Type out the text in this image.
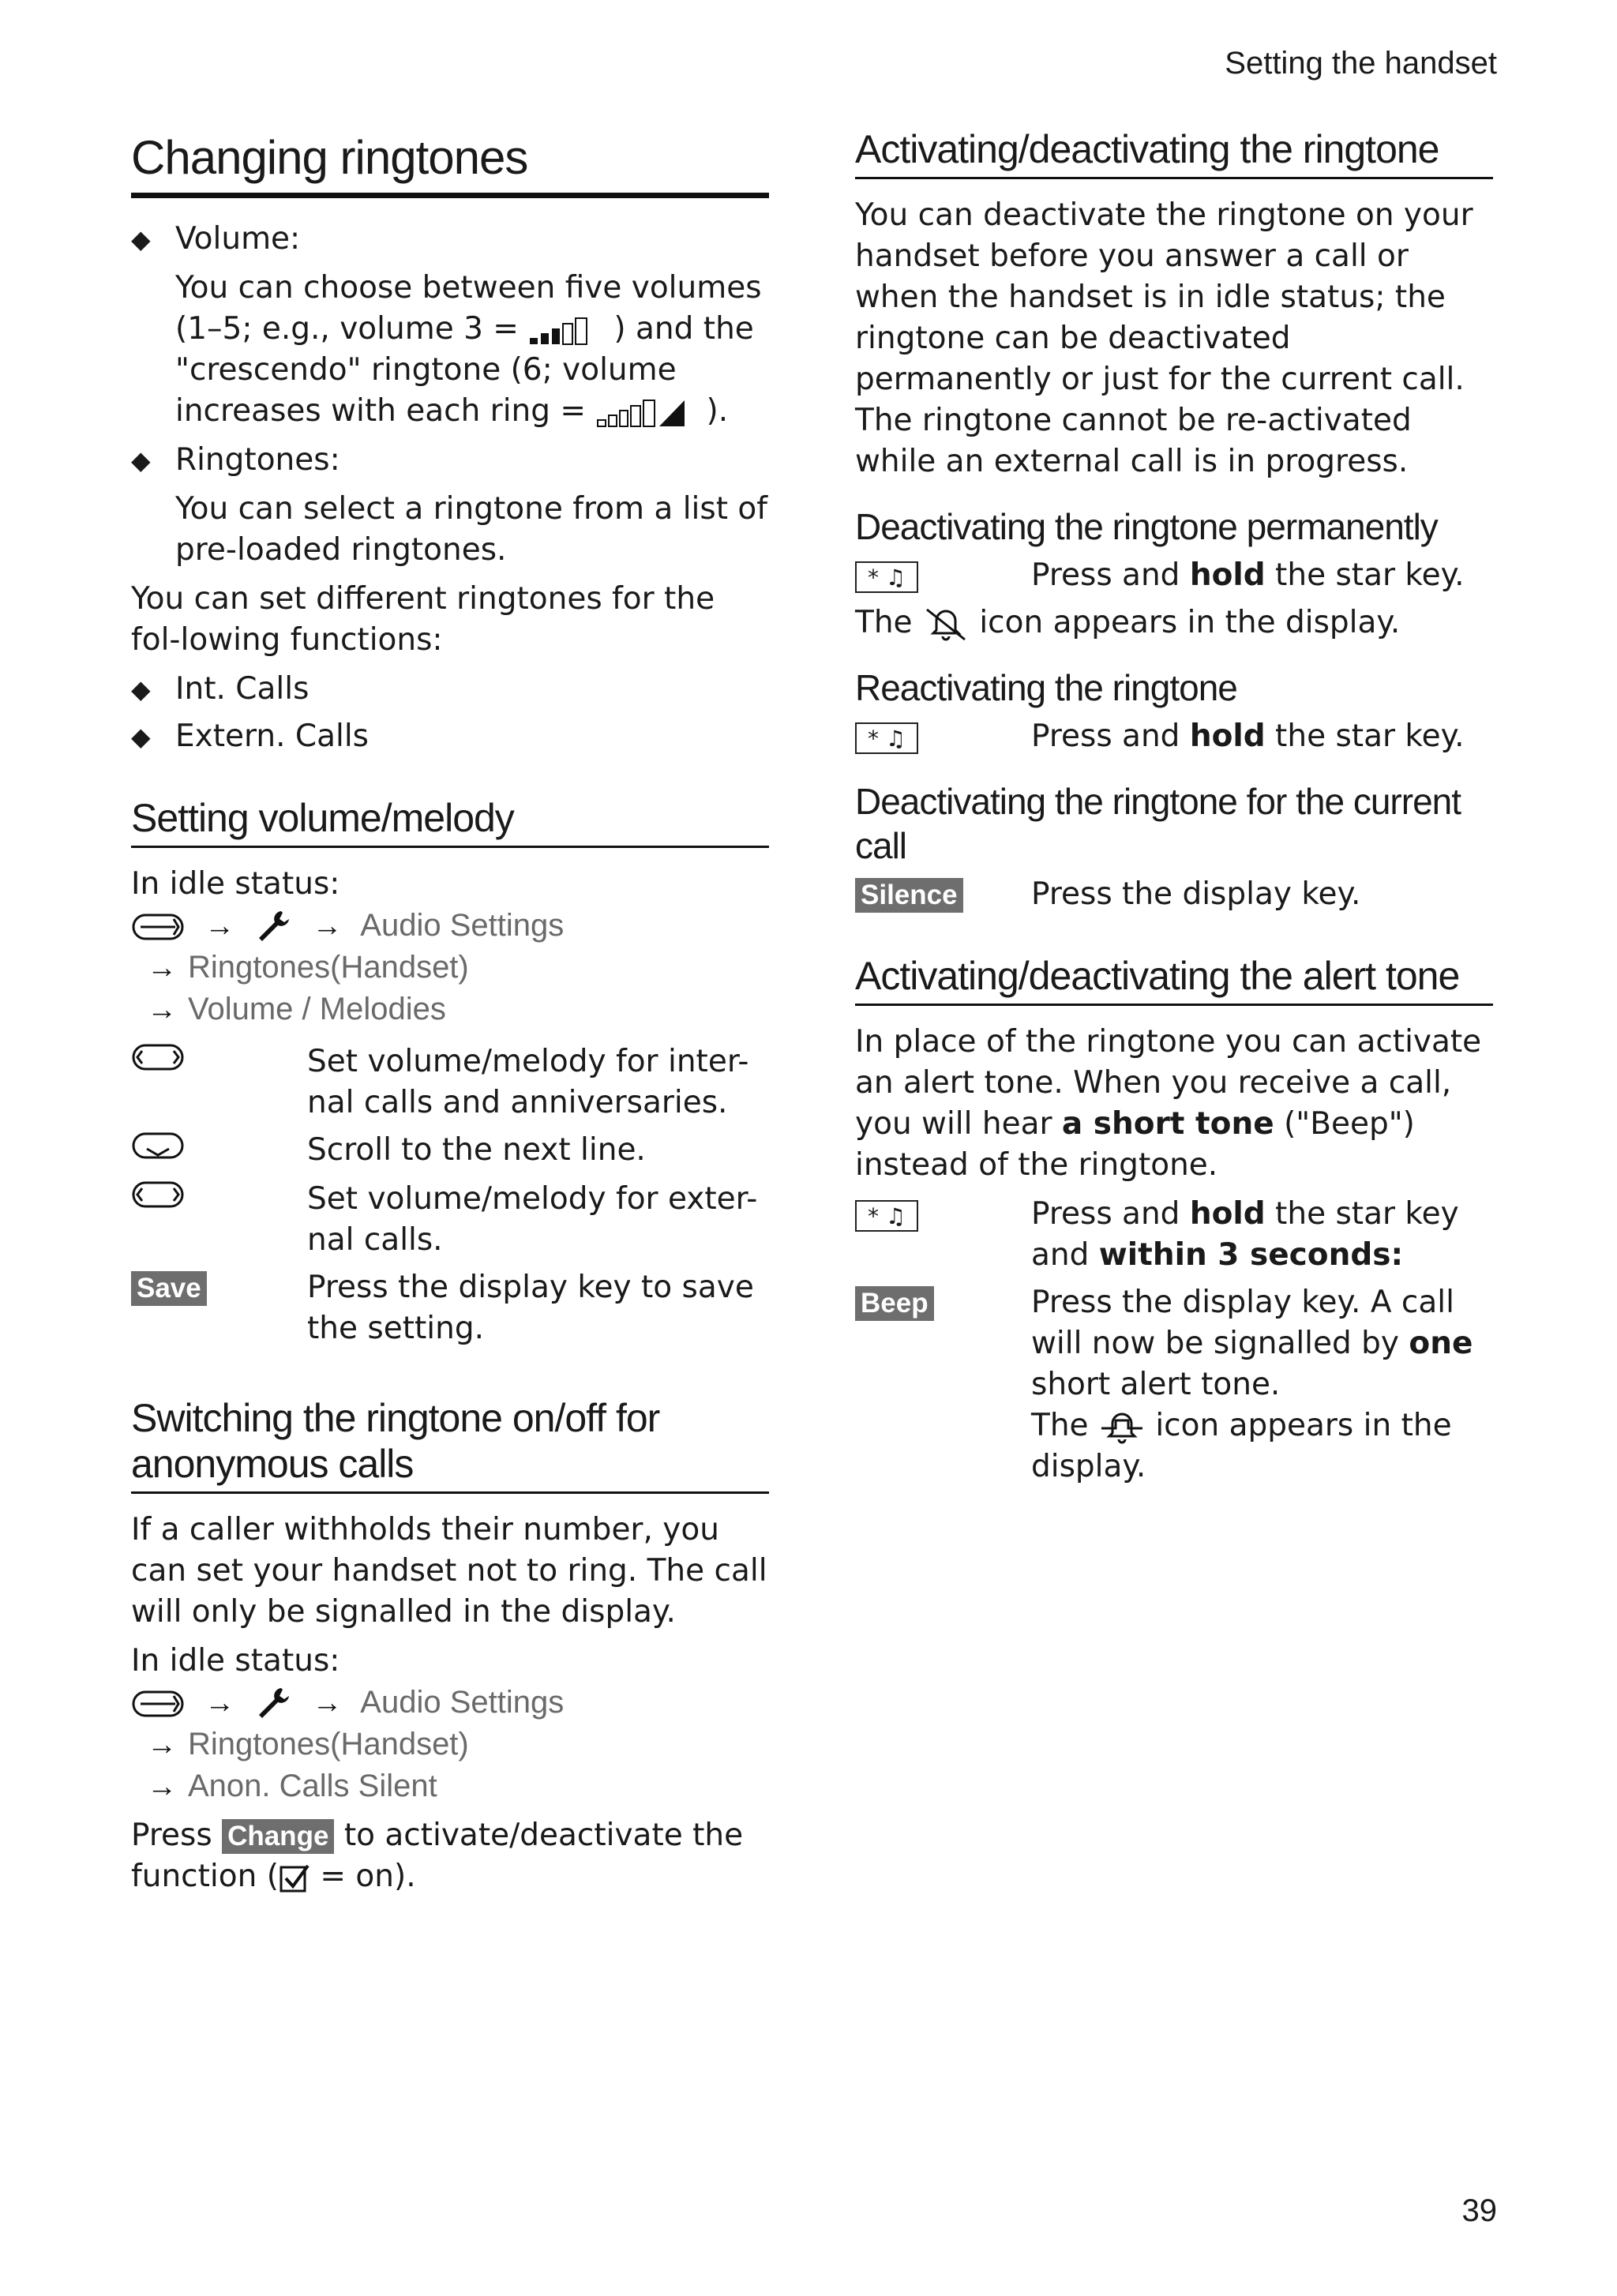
Setting the handset
Changing ringtones
◆ Volume:
You can choose between five volumes (1–5; e.g., volume 3 =	) and the "crescendo" ringtone (6; volume increases with each ring =	).
◆ Ringtones:
You can select a ringtone from a list of pre-loaded ringtones.
You can set different ringtones for the fol-lowing functions:
◆ Int. Calls
◆ Extern. Calls
Setting volume/melody
In idle status:
→	→ Audio Settings
→ Ringtones(Handset)
→ Volume / Melodies
Set volume/melody for inter-nal calls and anniversaries.
Scroll to the next line.
Set volume/melody for exter-nal calls.
Save	Press the display key to save the setting.
Switching the ringtone on/off for anonymous calls
If a caller withholds their number, you can set your handset not to ring. The call will only be signalled in the display.
In idle status:
→	→ Audio Settings
→ Ringtones(Handset)
→ Anon. Calls Silent
Press Change to activate/deactivate the function ( = on).
Activating/deactivating the ringtone
You can deactivate the ringtone on your handset before you answer a call or when the handset is in idle status; the ringtone can be deactivated permanently or just for the current call. The ringtone cannot be re-activated while an external call is in progress.
Deactivating the ringtone permanently
* ♫	Press and hold the star key.
The  icon appears in the display.
Reactivating the ringtone
* ♫	Press and hold the star key.
Deactivating the ringtone for the current call
Silence	Press the display key.
Activating/deactivating the alert tone
In place of the ringtone you can activate an alert tone. When you receive a call, you will hear a short tone ("Beep") instead of the ringtone.
* ♫	Press and hold the star key and within 3 seconds:
Beep	Press the display key. A call will now be signalled by one short alert tone.
The  icon appears in the display.
39
